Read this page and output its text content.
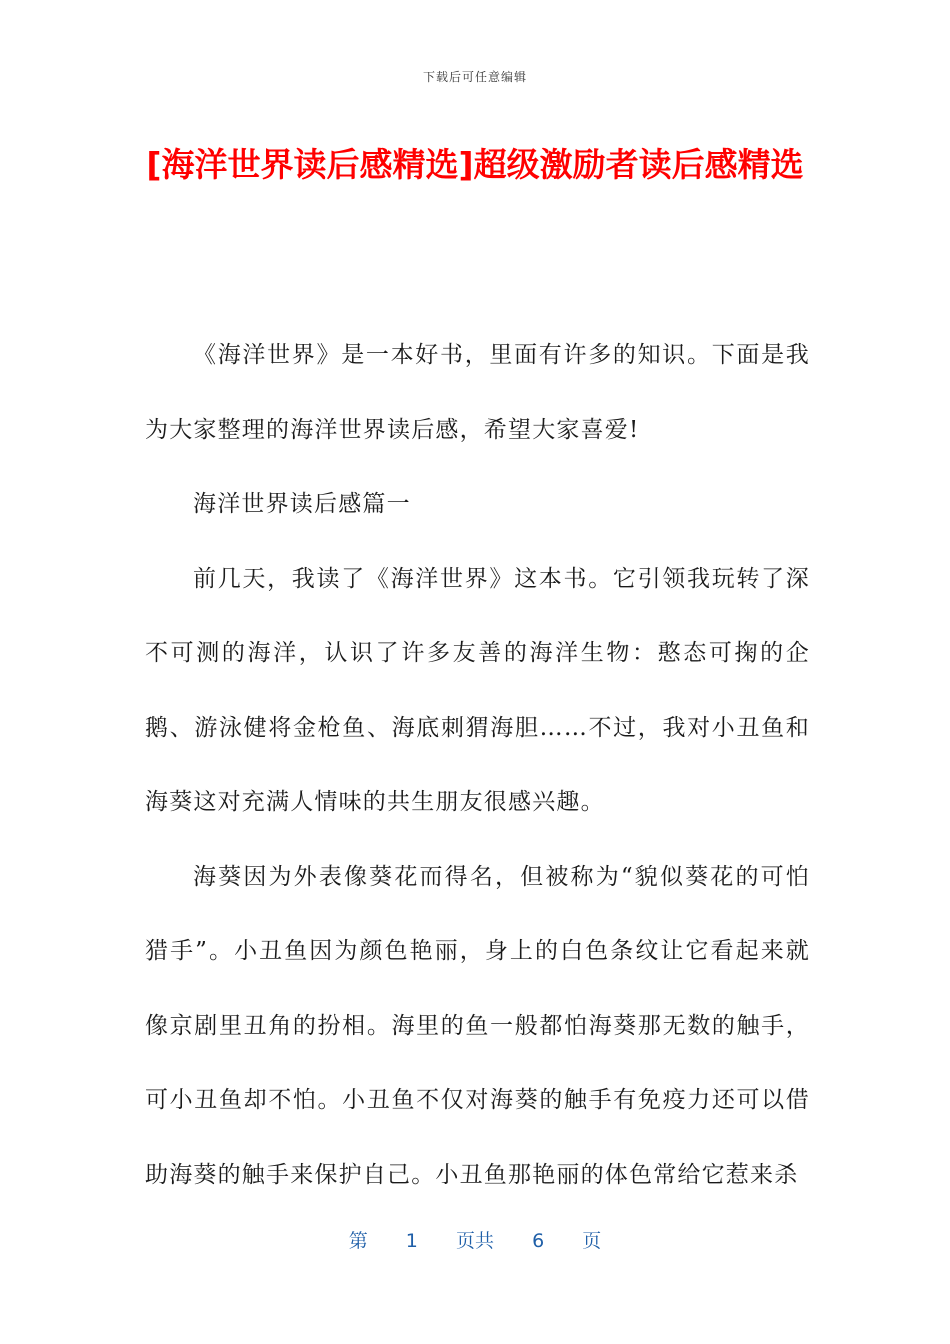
下载后可任意编辑
[海洋世界读后感精选]超级激励者读后感精选

《海洋世界》是一本好书，里面有许多的知识。下面是我为大家整理的海洋世界读后感，希望大家喜爱!

海洋世界读后感篇一

前几天，我读了《海洋世界》这本书。它引领我玩转了深不可测的海洋，认识了许多友善的海洋生物：憨态可掬的企鹅、游泳健将金枪鱼、海底刺猬海胆……不过，我对小丑鱼和海葵这对充满人情味的共生朋友很感兴趣。

海葵因为外表像葵花而得名，但被称为“貌似葵花的可怕猎手”。小丑鱼因为颜色艳丽，身上的白色条纹让它看起来就像京剧里丑角的扮相。海里的鱼一般都怕海葵那无数的触手，可小丑鱼却不怕。小丑鱼不仅对海葵的触手有免疫力还可以借助海葵的触手来保护自己。小丑鱼那艳丽的体色常给它惹来杀

第 1 页共 6 页
